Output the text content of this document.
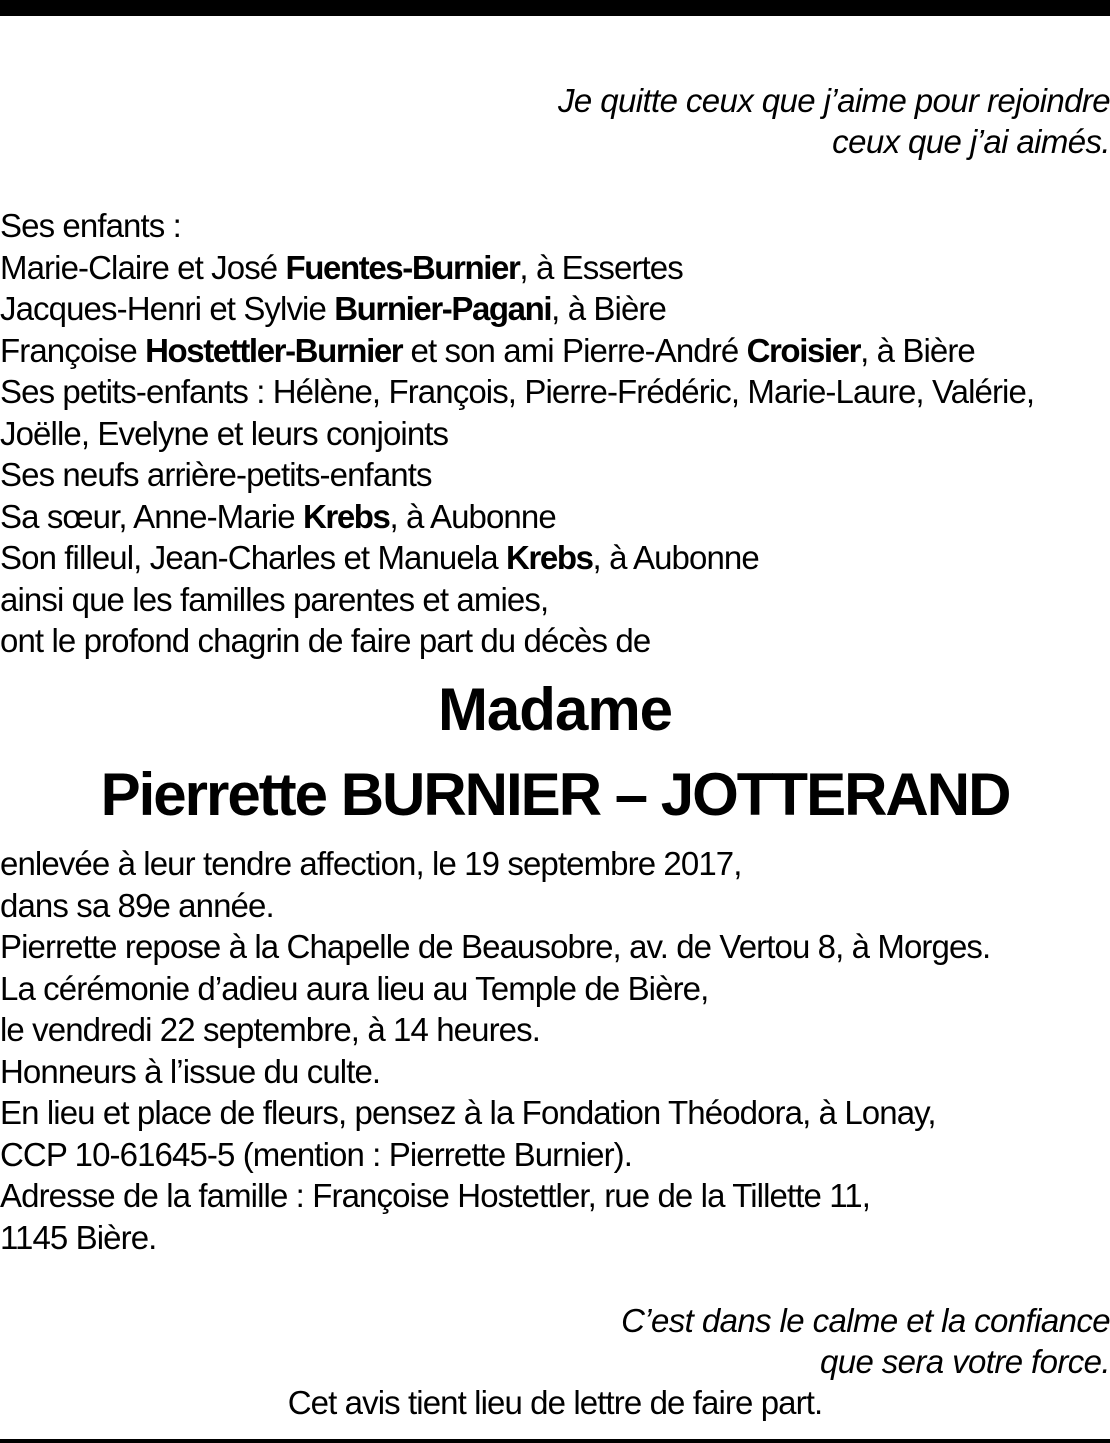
Je quitte ceux que j’aime pour rejoindre
ceux que j’ai aimés.
Ses enfants :
Marie-Claire et José Fuentes-Burnier, à Essertes
Jacques-Henri et Sylvie Burnier-Pagani, à Bière
Françoise Hostettler-Burnier et son ami Pierre-André Croisier, à Bière
Ses petits-enfants : Hélène, François, Pierre-Frédéric, Marie-Laure, Valérie,
Joëlle, Evelyne et leurs conjoints
Ses neufs arrière-petits-enfants
Sa sœur, Anne-Marie Krebs, à Aubonne
Son filleul, Jean-Charles et Manuela Krebs, à Aubonne
ainsi que les familles parentes et amies,
ont le profond chagrin de faire part du décès de
Madame
Pierrette BURNIER – JOTTERAND
enlevée à leur tendre affection, le 19 septembre 2017,
dans sa 89e année.
Pierrette repose à la Chapelle de Beausobre, av. de Vertou 8, à Morges.
La cérémonie d’adieu aura lieu au Temple de Bière,
le vendredi 22 septembre, à 14 heures.
Honneurs à l’issue du culte.
En lieu et place de fleurs, pensez à la Fondation Théodora, à Lonay,
CCP 10-61645-5 (mention : Pierrette Burnier).
Adresse de la famille : Françoise Hostettler, rue de la Tillette 11,
1145 Bière.
C’est dans le calme et la confiance
que sera votre force.
Cet avis tient lieu de lettre de faire part.
